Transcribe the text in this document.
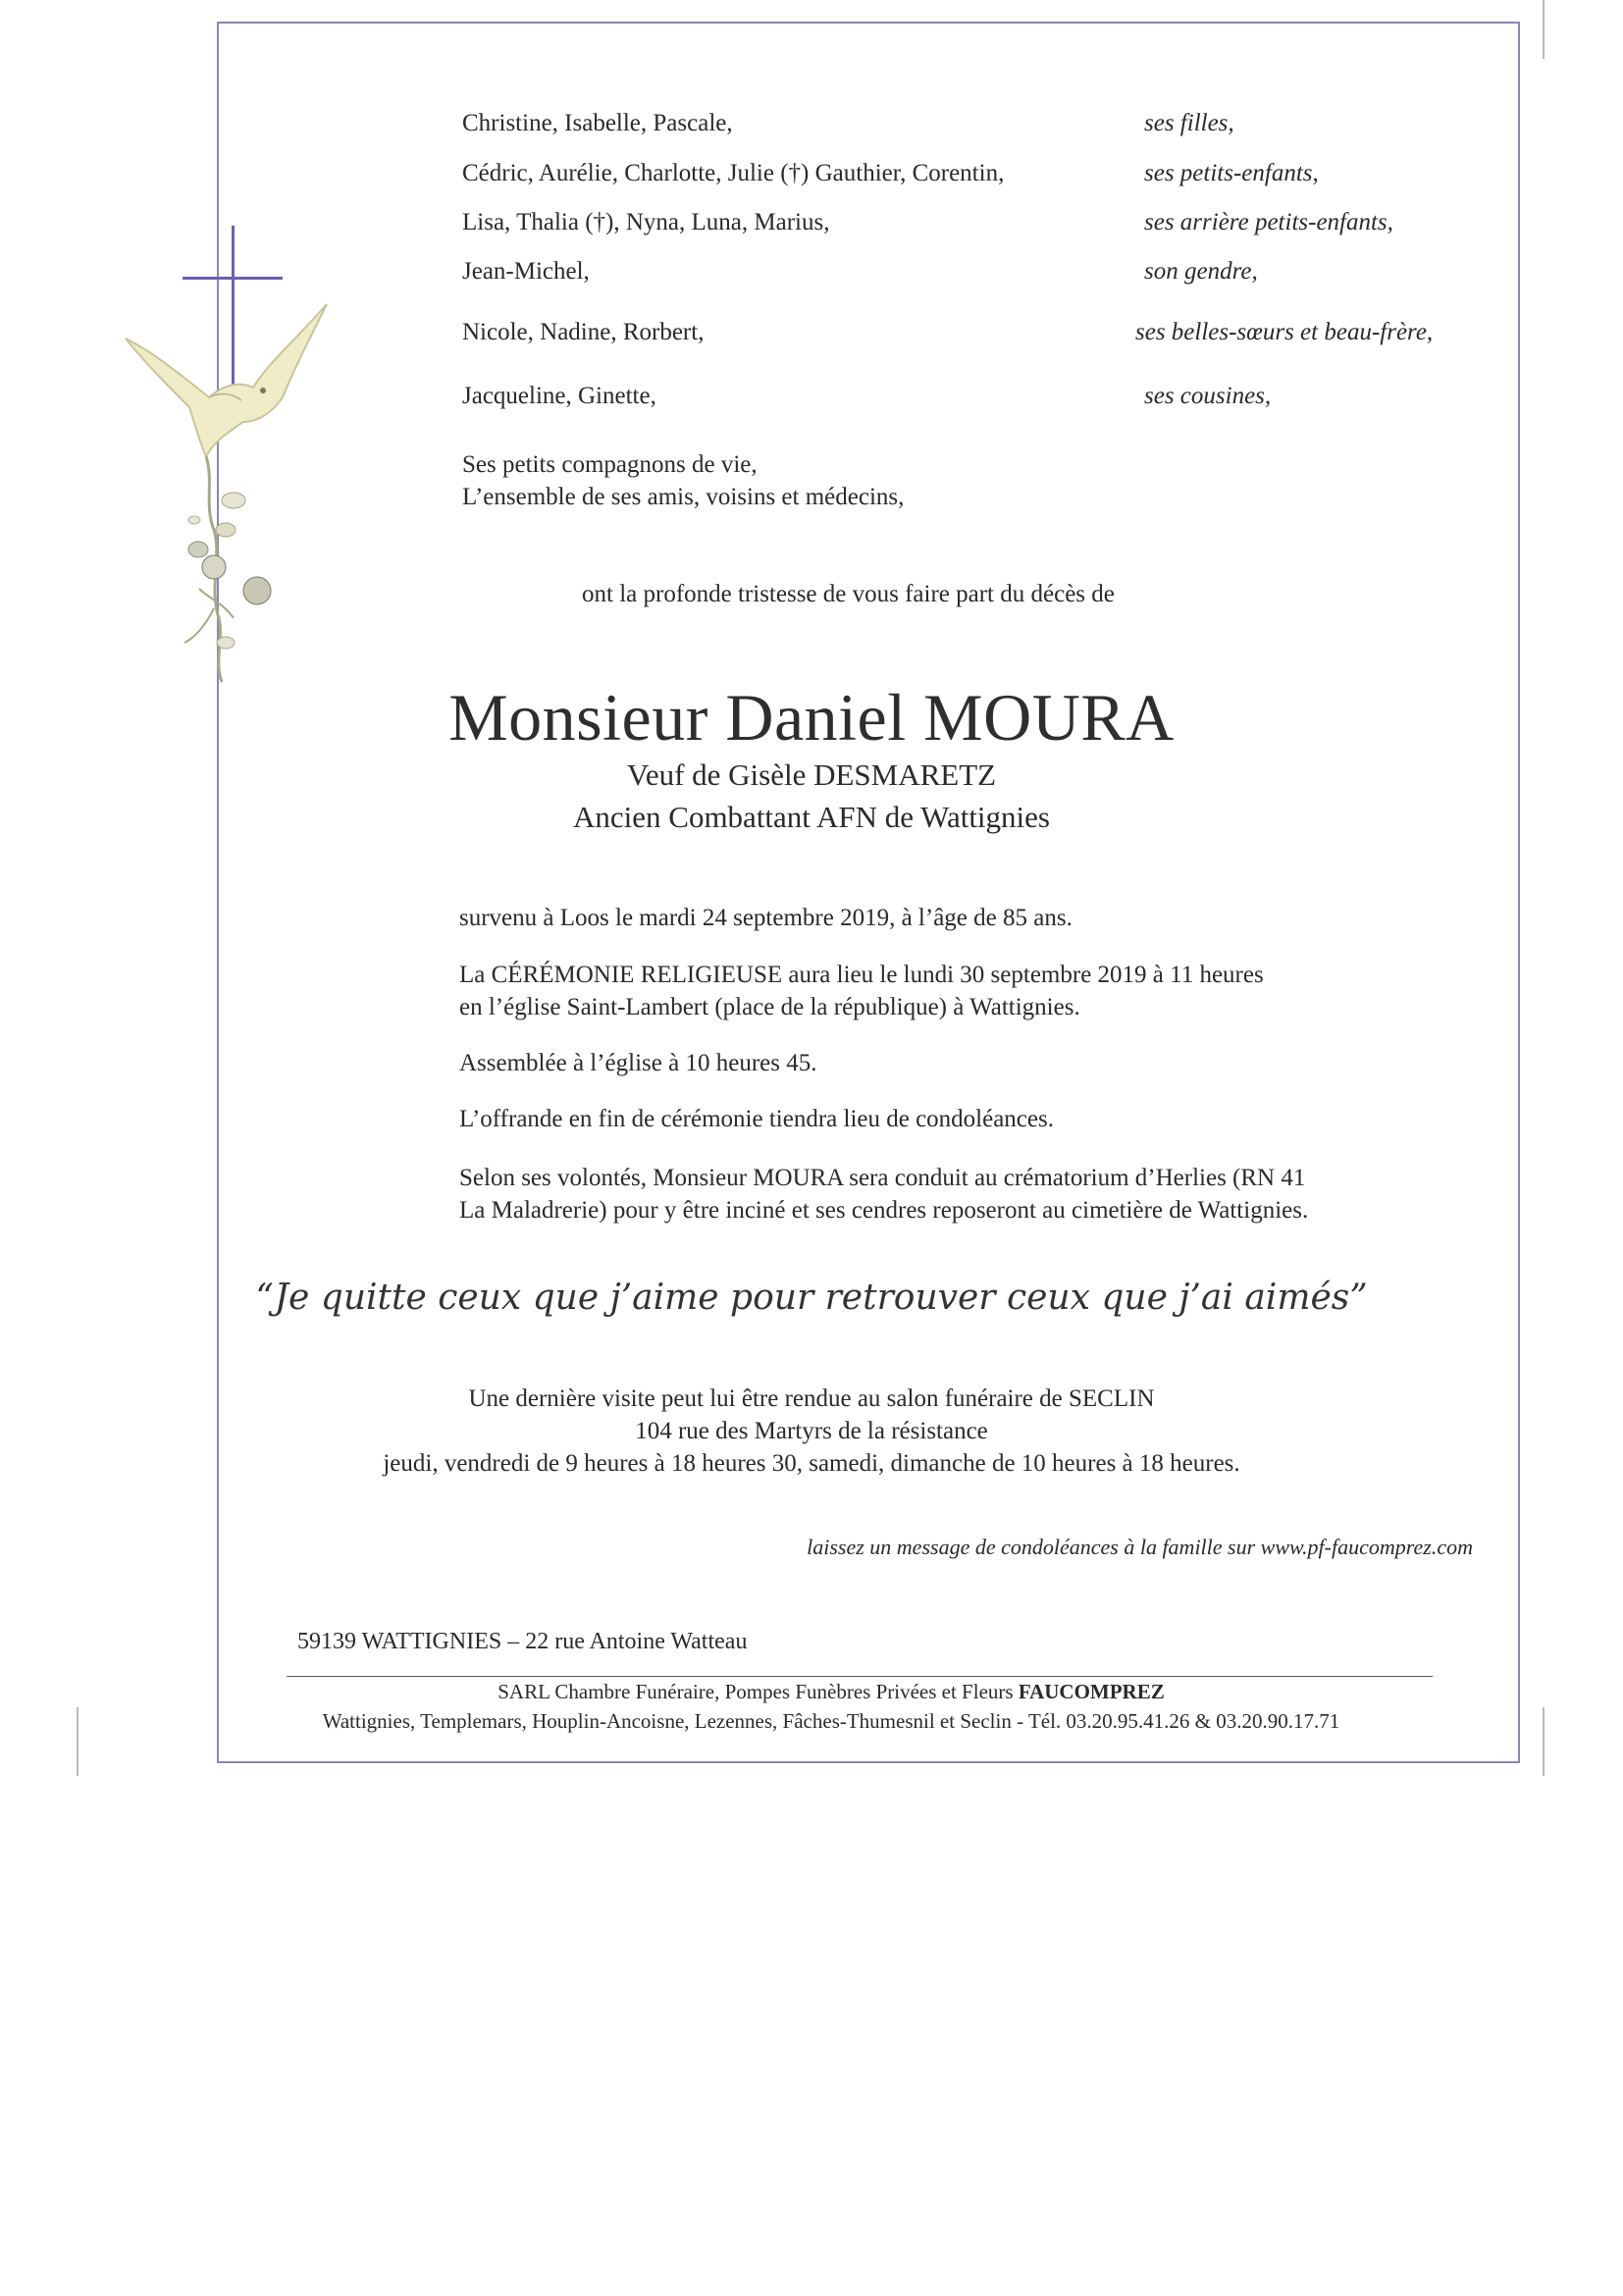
Christine, Isabelle, Pascale,	ses filles,
Cédric, Aurélie, Charlotte, Julie (†) Gauthier, Corentin,	ses petits-enfants,
Lisa, Thalia (†), Nyna, Luna, Marius,	ses arrière petits-enfants,
Jean-Michel,	son gendre,
Nicole, Nadine, Rorbert,	ses belles-sœurs et beau-frère,
Jacqueline, Ginette,	ses cousines,
Ses petits compagnons de vie,
L’ensemble de ses amis, voisins et médecins,
ont la profonde tristesse de vous faire part du décès de
Monsieur Daniel MOURA
Veuf de Gisèle DESMARETZ
Ancien Combattant AFN de Wattignies
survenu à Loos le mardi 24 septembre 2019, à l’âge de 85 ans.
La CÉRÉMONIE RELIGIEUSE aura lieu le lundi 30 septembre 2019 à 11 heures
en l’église Saint-Lambert (place de la république) à Wattignies.
Assemblée à l’église à 10 heures 45.
L’offrande en fin de cérémonie tiendra lieu de condoléances.
Selon ses volontés, Monsieur MOURA sera conduit au crématorium d’Herlies (RN 41
La Maladrerie) pour y être inciné et ses cendres reposeront au cimetière de Wattignies.
“Je quitte ceux que j’aime pour retrouver ceux que j’ai aimés”
Une dernière visite peut lui être rendue au salon funéraire de SECLIN
104 rue des Martyrs de la résistance
jeudi, vendredi de 9 heures à 18 heures 30, samedi, dimanche de 10 heures à 18 heures.
laissez un message de condoléances à la famille sur www.pf-faucomprez.com
59139 WATTIGNIES – 22 rue Antoine Watteau
SARL Chambre Funéraire, Pompes Funèbres Privées et Fleurs FAUCOMPREZ
Wattignies, Templemars, Houplin-Ancoisne, Lezennes, Fâches-Thumesnil et Seclin - Tél. 03.20.95.41.26 & 03.20.90.17.71
